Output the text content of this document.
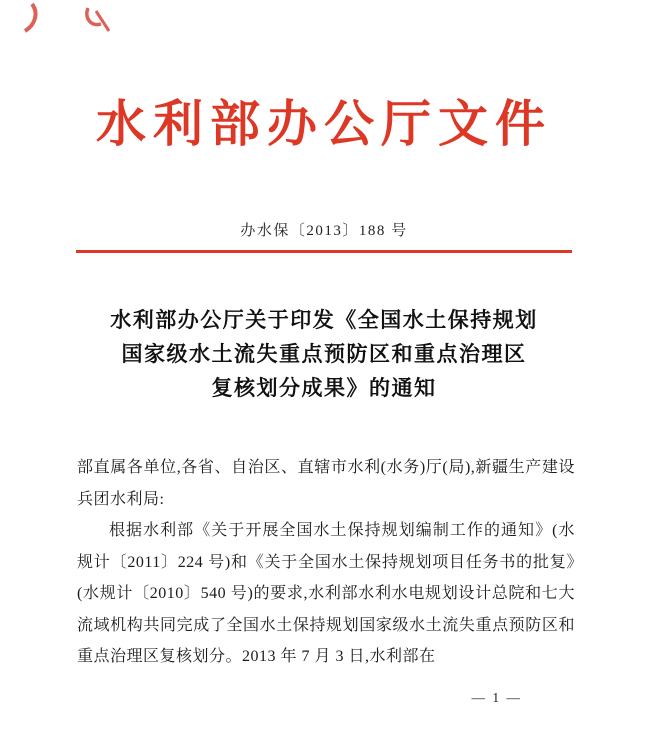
水利部办公厅文件
办水保〔2013〕188 号
水利部办公厅关于印发《全国水土保持规划
国家级水土流失重点预防区和重点治理区
复核划分成果》的通知

部直属各单位,各省、自治区、直辖市水利(水务)厅(局),新疆生产建设兵团水利局:

根据水利部《关于开展全国水土保持规划编制工作的通知》(水规计〔2011〕224 号)和《关于全国水土保持规划项目任务书的批复》(水规计〔2010〕540 号)的要求,水利部水利水电规划设计总院和七大流域机构共同完成了全国水土保持规划国家级水土流失重点预防区和重点治理区复核划分。2013 年 7 月 3 日,水利部在

— 1 —
